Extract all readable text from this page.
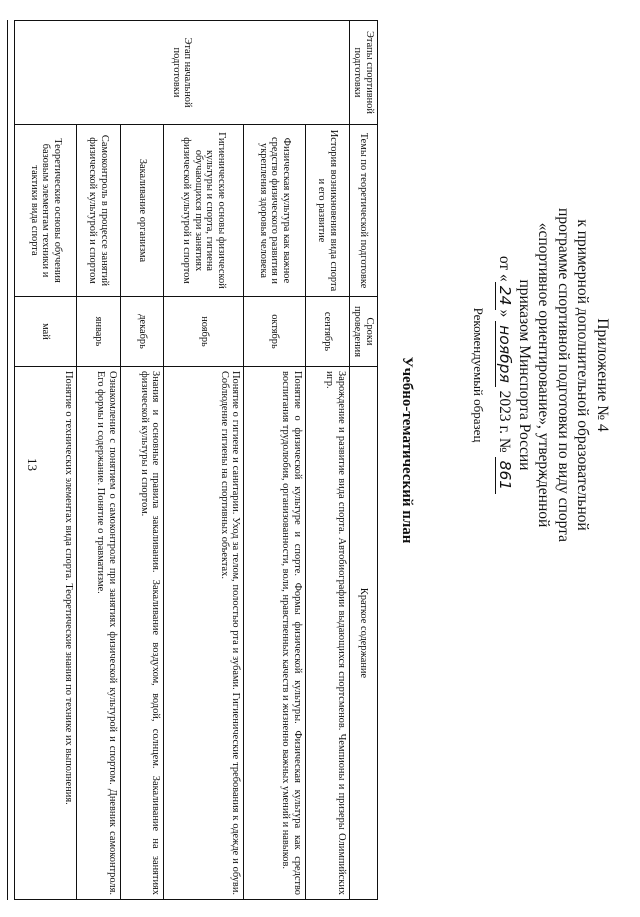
13
Приложение № 4
к примерной дополнительной образовательной
программе спортивной подготовки по виду спорта
«спортивное ориентирование», утвержденной
приказом Минспорта России
от «24» ноября 2023 г. № 861
Рекомендуемый образец
Учебно-тематический план
Этапы спортивной подготовки	Темы по теоретической подготовке	Сроки проведения	Краткое содержание
Этап начальной подготовки	История возникновения вида спорта и его развитие	сентябрь	Зарождение и развитие вида спорта. Автобиографии выдающихся спортсменов. Чемпионы и призеры Олимпийских игр.
	Физическая культура как важное средство физического развития и укрепления здоровья человека	октябрь	Понятие о физической культуре и спорте. Формы физической культуры. Физическая культура как средство воспитания трудолюбия, организованности, воли, нравственных качеств и жизненно важных умений и навыков.
	Гигиенические основы физической культуры и спорта, гигиена обучающихся при занятиях физической культурой и спортом	ноябрь	Понятие о гигиене и санитарии. Уход за телом, полостью рта и зубами. Гигиенические требования к одежде и обуви. Соблюдение гигиены на спортивных объектах.
	Закаливание организма	декабрь	Знания и основные правила закаливания. Закаливание воздухом, водой, солнцем. Закаливание на занятиях физической культуры и спортом.
	Самоконтроль в процессе занятий физической культурой и спортом	январь	Ознакомление с понятием о самоконтроле при занятиях физической культурой и спортом. Дневник самоконтроля. Его формы и содержание. Понятие о травматизме.
	Теоретические основы обучения базовым элементам техники и тактики вида спорта	май	Понятие о технических элементах вида спорта. Теоретические знания по технике их выполнения.
